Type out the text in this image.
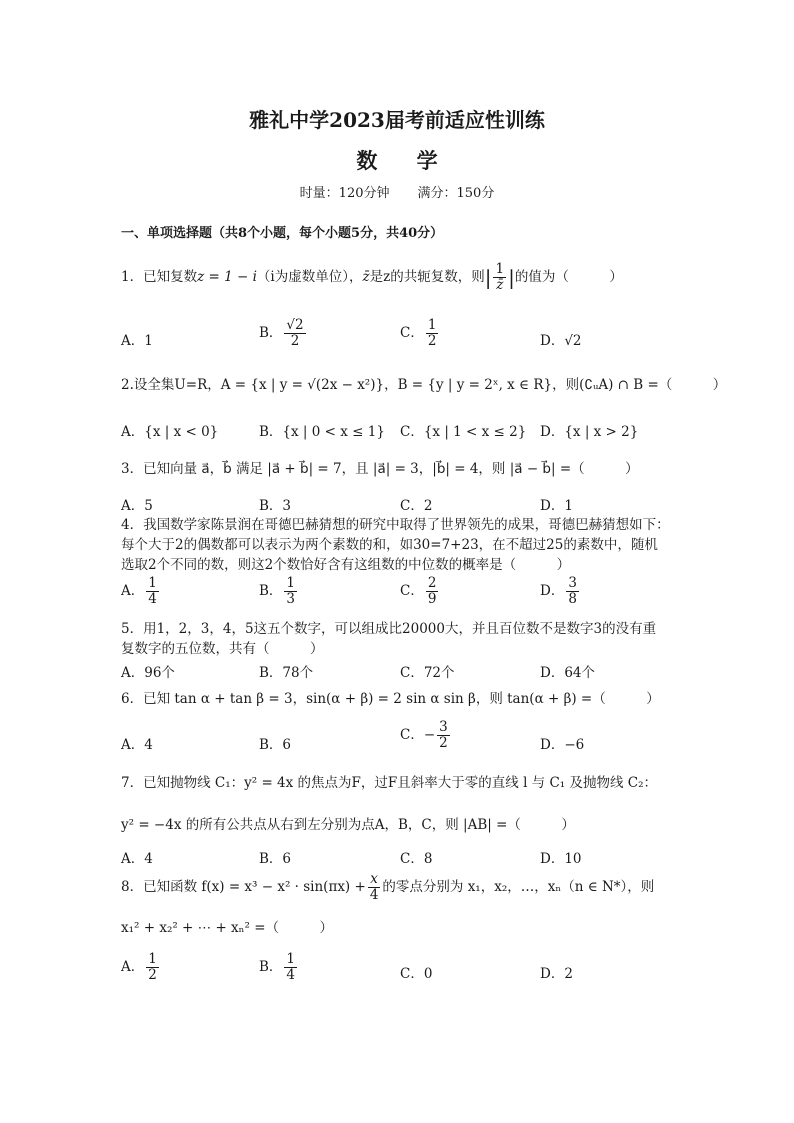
雅礼中学2023届考前适应性训练
数 学
时量：120分钟 满分：150分
一、单项选择题（共8个小题，每个小题5分，共40分）
1．已知复数z = 1 − i（i为虚数单位），z̄是z的共轭复数，则| $\frac{1}{z̄}$ |的值为（　　　）
A．1	B． $\frac{√2}{2}$	C． $\frac{1}{2}$	D．√2
2.设全集U=R，A = {x | y = √(2x − x²)}，B = {y | y = 2ˣ, x ∈ R}，则(∁ᵤA) ∩ B =（　　　）
A．{x | x < 0}	B．{x | 0 < x ≤ 1} C．{x | 1 < x ≤ 2} D．{x | x > 2}
3．已知向量 a⃗，b⃗ 满足 |a⃗ + b⃗| = 7，且 |a⃗| = 3，|b⃗| = 4，则 |a⃗ − b⃗| =（　　　）
A．5	B．3	C．2	D．1
4．我国数学家陈景润在哥德巴赫猜想的研究中取得了世界领先的成果，哥德巴赫猜想如下：
每个大于2的偶数都可以表示为两个素数的和，如30=7+23，在不超过25的素数中，随机
选取2个不同的数，则这2个数恰好含有这组数的中位数的概率是（　　　）
A． $\frac{1}{4}$	B． $\frac{1}{3}$	C． $\frac{2}{9}$	D． $\frac{3}{8}$
5．用1，2，3，4，5这五个数字，可以组成比20000大，并且百位数不是数字3的没有重
复数字的五位数，共有（　　　）
A．96个	B．78个	C．72个	D．64个
6．已知 tan α + tan β = 3，sin(α + β) = 2 sin α sin β，则 tan(α + β) =（　　　）
A．4	B．6
C．− $\frac{3}{2}$	D．−6
7．已知抛物线 C₁：y² = 4x 的焦点为F，过F且斜率大于零的直线 l 与 C₁ 及抛物线 C₂：
y² = −4x 的所有公共点从右到左分别为点A，B，C，则 |AB| =（　　　）
A．4	B．6	C．8	D．10
8．已知函数 $f(x) = x^3 - x^2 \cdot \sin(\pi x) + \frac{x}{4}$ 的零点分别为 x₁，x₂，…，xₙ（n ∈ N*），则
x₁² + x₂² + ⋯ + xₙ² =（　　　）
A． $\frac{1}{2}$	B． $\frac{1}{4}$	C．0	D．2
